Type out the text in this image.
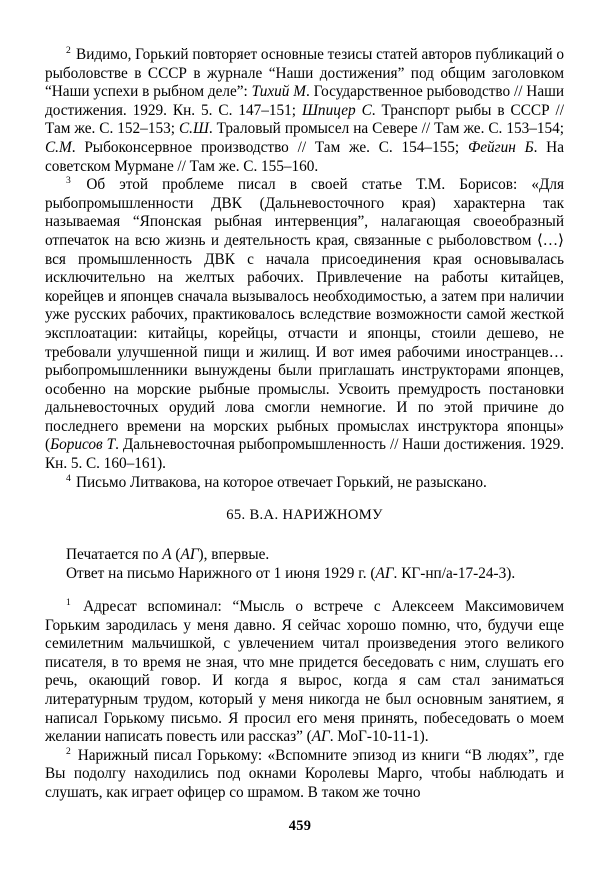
$^2$ Видимо, Горький повторяет основные тезисы статей авторов публикаций о рыболовстве в СССР в журнале “Наши достижения” под общим заголовком “Наши успехи в рыбном деле”: Тихий М. Государственное рыбоводство // Наши достижения. 1929. Кн. 5. С. 147–151; Шпицер С. Транспорт рыбы в СССР // Там же. С. 152–153; С.Ш. Траловый промысел на Севере // Там же. С. 153–154; С.М. Рыбоконсервное производство // Там же. С. 154–155; Фейгин Б. На советском Мурмане // Там же. С. 155–160.

$^3$ Об этой проблеме писал в своей статье Т.М. Борисов: «Для рыбопромышленности ДВК (Дальневосточного края) характерна так называемая “Японская рыбная интервенция”, налагающая своеобразный отпечаток на всю жизнь и деятельность края, связанные с рыболовством ⟨…⟩ вся промышленность ДВК с начала присоединения края основывалась исключительно на желтых рабочих. Привлечение на работы китайцев, корейцев и японцев сначала вызывалось необходимостью, а затем при наличии уже русских рабочих, практиковалось вследствие возможности самой жесткой эксплоатации: китайцы, корейцы, отчасти и японцы, стоили дешево, не требовали улучшенной пищи и жилищ. И вот имея рабочими иностранцев… рыбопромышленники вынуждены были приглашать инструкторами японцев, особенно на морские рыбные промыслы. Усвоить премудрость постановки дальневосточных орудий лова смогли немногие. И по этой причине до последнего времени на морских рыбных промыслах инструктора японцы» (Борисов Т. Дальневосточная рыбопромышленность // Наши достижения. 1929. Кн. 5. С. 160–161).

$^4$ Письмо Литвакова, на которое отвечает Горький, не разыскано.

65. В.А. НАРИЖНОМУ

Печатается по А (АГ), впервые.

Ответ на письмо Нарижного от 1 июня 1929 г. (АГ. КГ-нп/а-17-24-3).

$^1$ Адресат вспоминал: “Мысль о встрече с Алексеем Максимовичем Горьким зародилась у меня давно. Я сейчас хорошо помню, что, будучи еще семилетним мальчишкой, с увлечением читал произведения этого великого писателя, в то время не зная, что мне придется беседовать с ним, слушать его речь, окающий говор. И когда я вырос, когда я сам стал заниматься литературным трудом, который у меня никогда не был основным занятием, я написал Горькому письмо. Я просил его меня принять, побеседовать о моем желании написать повесть или рассказ” (АГ. МоГ-10-11-1).

$^2$ Нарижный писал Горькому: «Вспомните эпизод из книги “В людях”, где Вы подолгу находились под окнами Королевы Марго, чтобы наблюдать и слушать, как играет офицер со шрамом. В таком же точно

459
